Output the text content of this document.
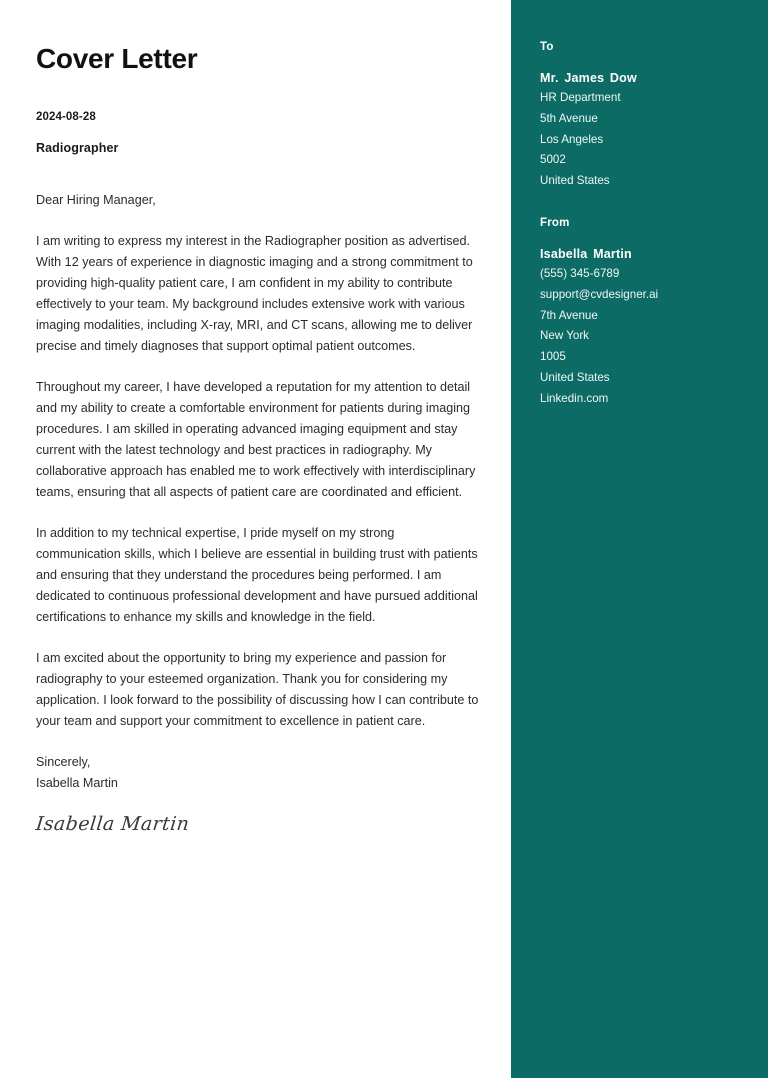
Cover Letter
2024-08-28
Radiographer
Dear Hiring Manager,

I am writing to express my interest in the Radiographer position as advertised. With 12 years of experience in diagnostic imaging and a strong commitment to providing high-quality patient care, I am confident in my ability to contribute effectively to your team. My background includes extensive work with various imaging modalities, including X-ray, MRI, and CT scans, allowing me to deliver precise and timely diagnoses that support optimal patient outcomes.

Throughout my career, I have developed a reputation for my attention to detail and my ability to create a comfortable environment for patients during imaging procedures. I am skilled in operating advanced imaging equipment and stay current with the latest technology and best practices in radiography. My collaborative approach has enabled me to work effectively with interdisciplinary teams, ensuring that all aspects of patient care are coordinated and efficient.

In addition to my technical expertise, I pride myself on my strong communication skills, which I believe are essential in building trust with patients and ensuring that they understand the procedures being performed. I am dedicated to continuous professional development and have pursued additional certifications to enhance my skills and knowledge in the field.

I am excited about the opportunity to bring my experience and passion for radiography to your esteemed organization. Thank you for considering my application. I look forward to the possibility of discussing how I can contribute to your team and support your commitment to excellence in patient care.

Sincerely,
Isabella Martin
Isabella Martin
To
Mr. James Dow
HR Department
5th Avenue
Los Angeles
5002
United States
From
Isabella Martin
(555) 345-6789
support@cvdesigner.ai
7th Avenue
New York
1005
United States
Linkedin.com
